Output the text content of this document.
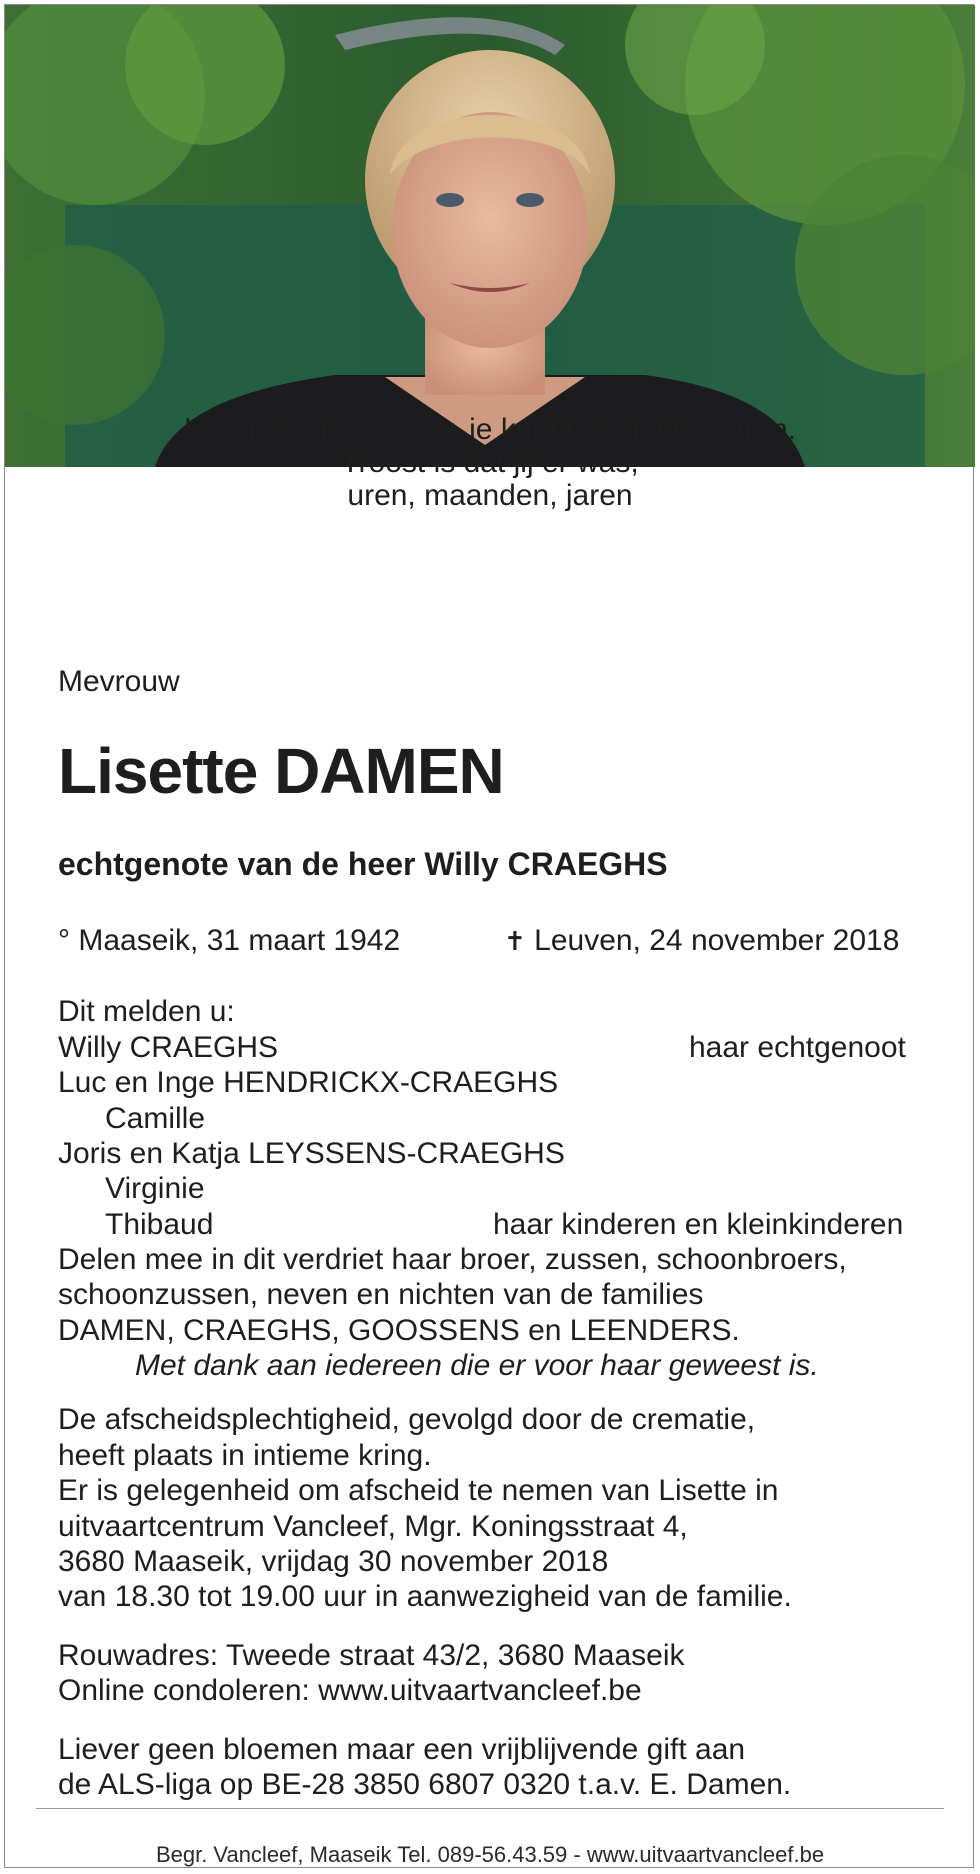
Leven is als sneeuw, je kunt het niet bewaren.

Troost is dat jij er was,

uren, maanden, jaren

Mevrouw

Lisette DAMEN

echtgenote van de heer Willy CRAEGHS

° Maaseik, 31 maart 1942	✝ Leuven, 24 november 2018

Dit melden u:

Willy CRAEGHS	haar echtgenoot

Luc en Inge HENDRICKX-CRAEGHS

Camille

Joris en Katja LEYSSENS-CRAEGHS

Virginie

Thibaud	haar kinderen en kleinkinderen

Delen mee in dit verdriet haar broer, zussen, schoonbroers,

schoonzussen, neven en nichten van de families

DAMEN, CRAEGHS, GOOSSENS en LEENDERS.

Met dank aan iedereen die er voor haar geweest is.

De afscheidsplechtigheid, gevolgd door de crematie,

heeft plaats in intieme kring.

Er is gelegenheid om afscheid te nemen van Lisette in

uitvaartcentrum Vancleef, Mgr. Koningsstraat 4,

3680 Maaseik, vrijdag 30 november 2018

van 18.30 tot 19.00 uur in aanwezigheid van de familie.

Rouwadres: Tweede straat 43/2, 3680 Maaseik

Online condoleren: www.uitvaartvancleef.be

Liever geen bloemen maar een vrijblijvende gift aan

de ALS-liga op BE-28 3850 6807 0320 t.a.v. E. Damen.

Begr. Vancleef, Maaseik Tel. 089-56.43.59 - www.uitvaartvancleef.be
